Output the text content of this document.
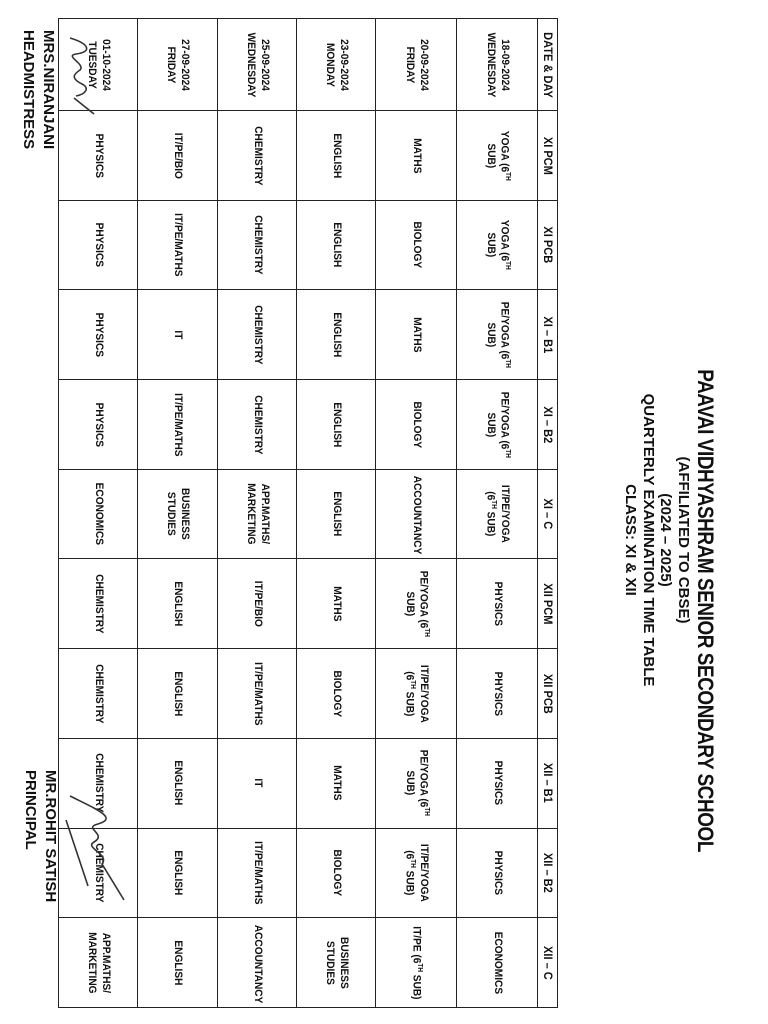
PAAVAI VIDHYASHRAM SENIOR SECONDARY SCHOOL
(AFFILIATED TO CBSE)
(2024 – 2025)
QUARTERLY EXAMINATION TIME TABLE
CLASS: XI & XII
DATE & DAY	XI PCM	XI PCB	XI – B1	XI – B2	XI – C	XII PCM	XII PCB	XII – B1	XII – B2	XII – C

18-09-2024
WEDNESDAY	YOGA (6TH SUB)	YOGA (6TH SUB)	PE/YOGA (6TH SUB)	PE/YOGA (6TH SUB)	IT/PE/YOGA (6TH SUB)	PHYSICS	PHYSICS	PHYSICS	PHYSICS	ECONOMICS

20-09-2024
FRIDAY	MATHS	BIOLOGY	MATHS	BIOLOGY	ACCOUNTANCY	PE/YOGA (6TH SUB)	IT/PE/YOGA (6TH SUB)	PE/YOGA (6TH SUB)	IT/PE/YOGA (6TH SUB)	IT/PE (6TH SUB)

23-09-2024
MONDAY	ENGLISH	ENGLISH	ENGLISH	ENGLISH	ENGLISH	MATHS	BIOLOGY	MATHS	BIOLOGY	BUSINESS STUDIES

25-09-2024
WEDNESDAY	CHEMISTRY	CHEMISTRY	CHEMISTRY	CHEMISTRY	APP.MATHS/ MARKETING	IT/PE/BIO	IT/PE/MATHS	IT	IT/PE/MATHS	ACCOUNTANCY

27-09-2024
FRIDAY	IT/PE/BIO	IT/PE/MATHS	IT	IT/PE/MATHS	BUSINESS STUDIES	ENGLISH	ENGLISH	ENGLISH	ENGLISH	ENGLISH

01-10-2024
TUESDAY	PHYSICS	PHYSICS	PHYSICS	PHYSICS	ECONOMICS	CHEMISTRY	CHEMISTRY	CHEMISTRY	CHEMISTRY	APP.MATHS/ MARKETING
MRS.NIRANJANI
HEADMISTRESS
MR.ROHIT SATISH
PRINCIPAL
